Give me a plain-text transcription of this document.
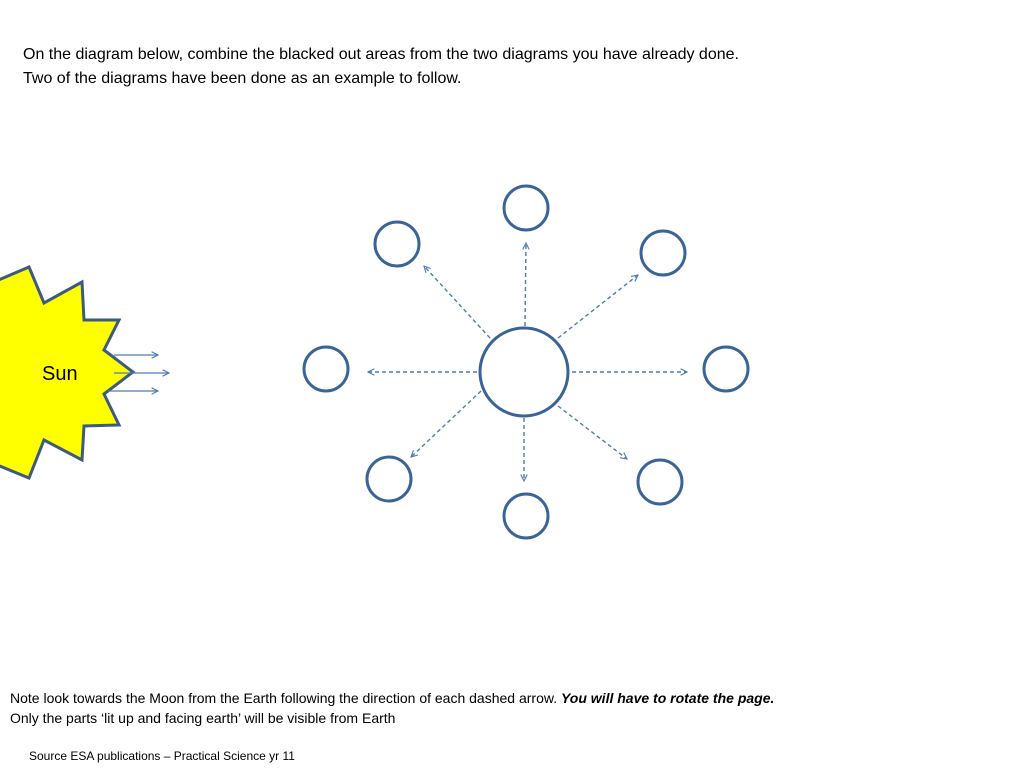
On the diagram below, combine the blacked out areas from the two diagrams you have already done.

Two of the diagrams have been done as an example to follow.

Sun

Note look towards the Moon from the Earth following the direction of each dashed arrow. You will have to rotate the page.

Only the parts ‘lit up and facing earth’ will be visible from Earth

Source ESA publications – Practical Science yr 11
